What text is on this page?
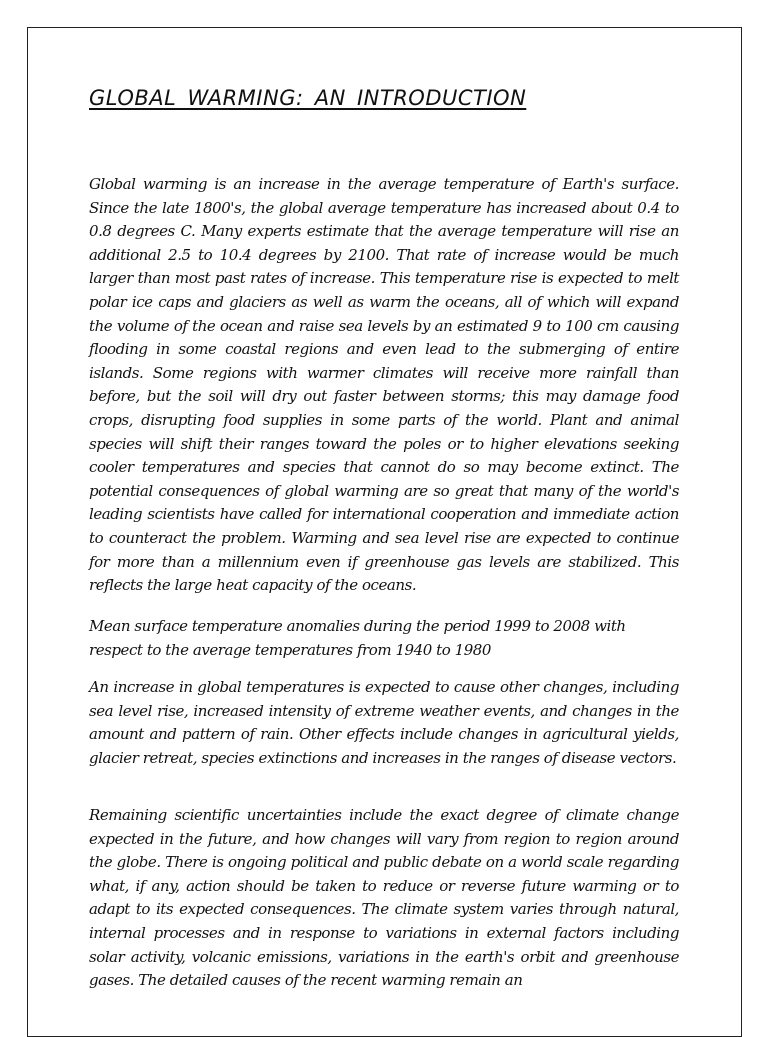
GLOBAL WARMING: AN INTRODUCTION

Global warming is an increase in the average temperature of Earth's surface. Since the late 1800's, the global average temperature has increased about 0.4 to 0.8 degrees C. Many experts estimate that the average temperature will rise an additional 2.5 to 10.4 degrees by 2100. That rate of increase would be much larger than most past rates of increase. This temperature rise is expected to melt polar ice caps and glaciers as well as warm the oceans, all of which will expand the volume of the ocean and raise sea levels by an estimated 9 to 100 cm causing flooding in some coastal regions and even lead to the submerging of entire islands. Some regions with warmer climates will receive more rainfall than before, but the soil will dry out faster between storms; this may damage food crops, disrupting food supplies in some parts of the world. Plant and animal species will shift their ranges toward the poles or to higher elevations seeking cooler temperatures and species that cannot do so may become extinct. The potential consequences of global warming are so great that many of the world's leading scientists have called for international cooperation and immediate action to counteract the problem. Warming and sea level rise are expected to continue for more than a millennium even if greenhouse gas levels are stabilized. This reflects the large heat capacity of the oceans.

Mean surface temperature anomalies during the period 1999 to 2008 with respect to the average temperatures from 1940 to 1980

An increase in global temperatures is expected to cause other changes, including sea level rise, increased intensity of extreme weather events, and changes in the amount and pattern of rain. Other effects include changes in agricultural yields, glacier retreat, species extinctions and increases in the ranges of disease vectors.

Remaining scientific uncertainties include the exact degree of climate change expected in the future, and how changes will vary from region to region around the globe. There is ongoing political and public debate on a world scale regarding what, if any, action should be taken to reduce or reverse future warming or to adapt to its expected consequences. The climate system varies through natural, internal processes and in response to variations in external factors including solar activity, volcanic emissions, variations in the earth's orbit and greenhouse gases. The detailed causes of the recent warming remain an
